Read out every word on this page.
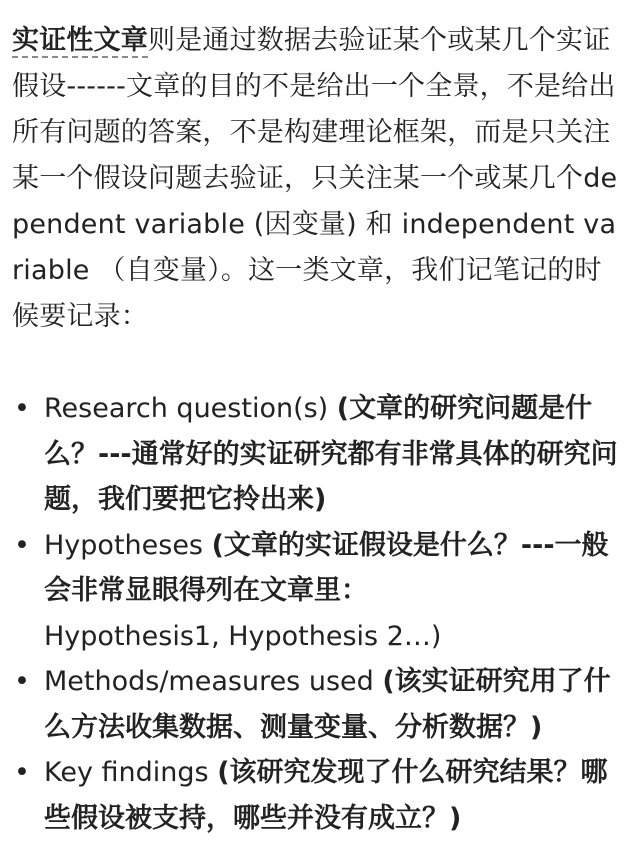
实证性文章则是通过数据去验证某个或某几个实证假设------文章的目的不是给出一个全景，不是给出所有问题的答案，不是构建理论框架，而是只关注某一个假设问题去验证，只关注某一个或某几个dependent variable (因变量) 和 independent variable （自变量）。这一类文章，我们记笔记的时候要记录：

• Research question(s) (文章的研究问题是什么？---通常好的实证研究都有非常具体的研究问题，我们要把它拎出来)
• Hypotheses (文章的实证假设是什么？---一般会非常显眼得列在文章里：
Hypothesis1, Hypothesis 2…)
• Methods/measures used (该实证研究用了什么方法收集数据、测量变量、分析数据？)
• Key findings (该研究发现了什么研究结果？哪些假设被支持，哪些并没有成立？)
